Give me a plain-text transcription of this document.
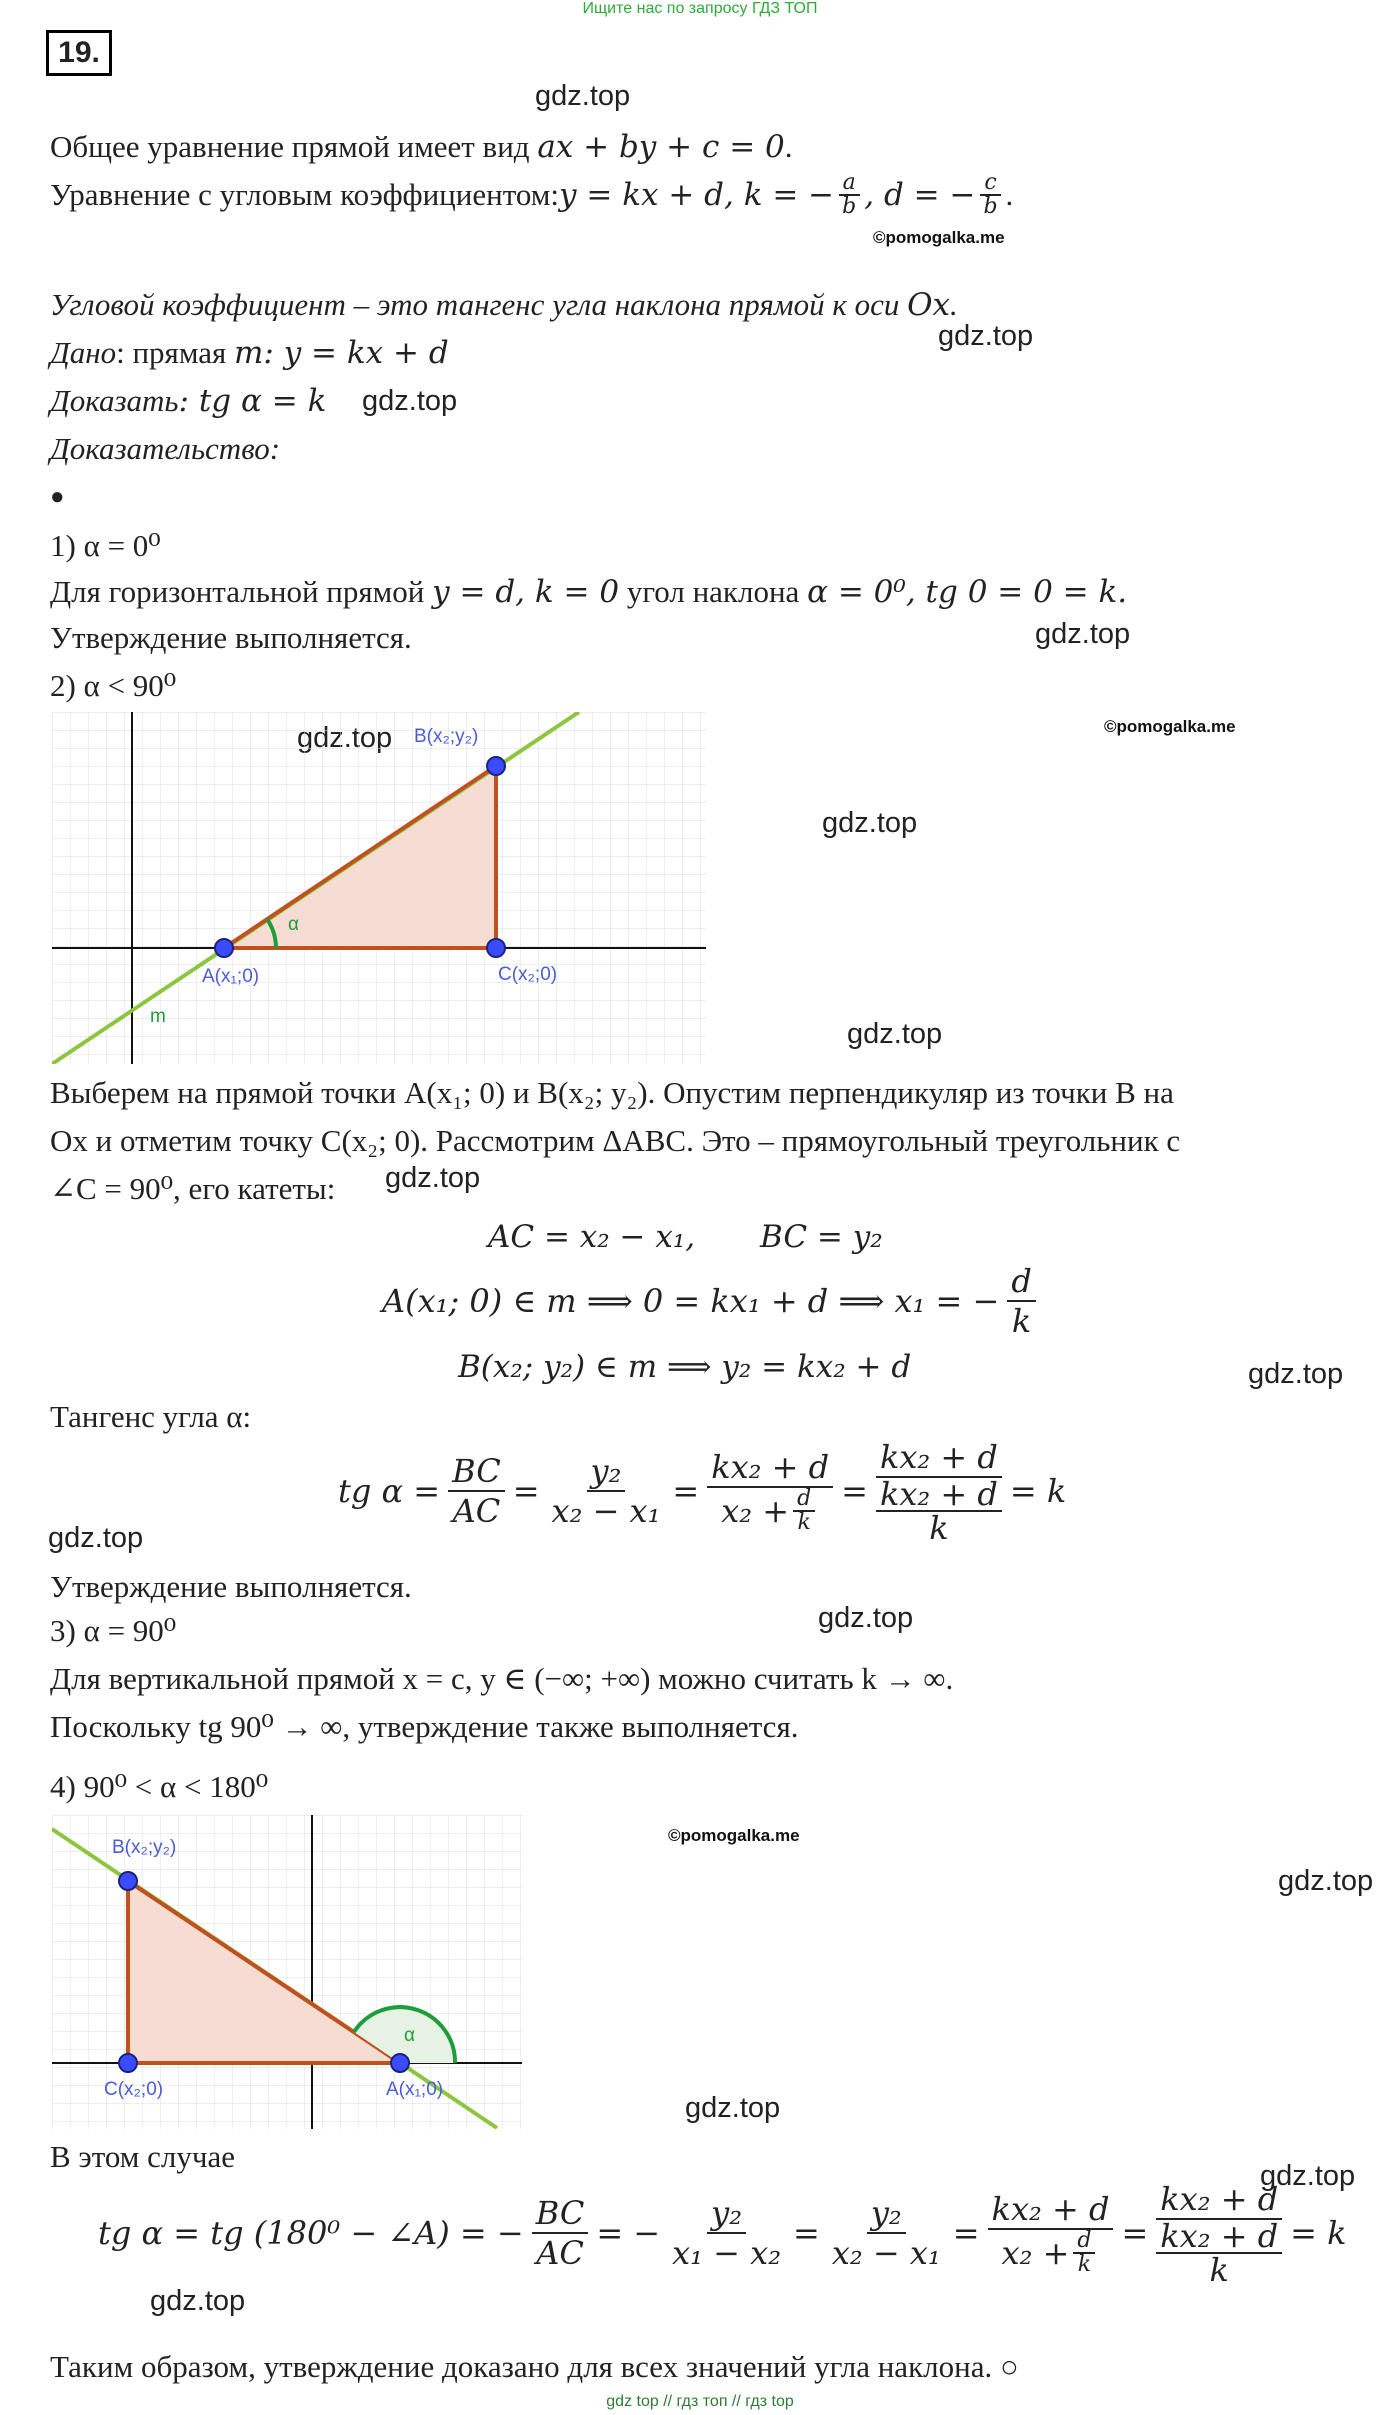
Ищите нас по запросу ГДЗ ТОП
19.
gdz.top
gdz.top
gdz.top
gdz.top
gdz.top
gdz.top
gdz.top
gdz.top
gdz.top
gdz.top
gdz.top
gdz.top
gdz.top
gdz.top
©pomogalka.me
©pomogalka.me
©pomogalka.me
Общее уравнение прямой имеет вид ax + by + c = 0.
Уравнение с угловым коэффициентом: y = kx + d, k = − $\frac{a}{b}$ , d = − $\frac{c}{b}$ .
Угловой коэффициент – это тангенс угла наклона прямой к оси Ox.
Дано: прямая m: y = kx + d
Доказать: tg α = k
Доказательство:
●
1) α = 0⁰
Для горизонтальной прямой y = d, k = 0 угол наклона α = 0⁰, tg 0 = 0 = k.
Утверждение выполняется.
2) α < 90⁰
B(x₂;y₂)
A(x₁;0)	C(x₂;0)
α
m
Выберем на прямой точки A(x₁; 0) и B(x₂; y₂). Опустим перпендикуляр из точки B на
Ox и отметим точку C(x₂; 0). Рассмотрим ΔABC. Это – прямоугольный треугольник с
∠C = 90⁰, его катеты:
AC = x₂ − x₁, BC = y₂
A(x₁; 0) ∈ m ⟹ 0 = kx₁ + d ⟹ x₁ = − $\frac{d}{k}$
B(x₂; y₂) ∈ m ⟹ y₂ = kx₂ + d
Тангенс угла α:
tg $\alpha = \frac{BC}{AC} = \frac{\text{y₂}}{\text{x₂ − x₁}} = \frac{\text{kx₂ + d}}{x_2 + \frac{d}{k}} = kx_2 + d$
kx₂ + d
k = k
Утверждение выполняется.
3) α = 90⁰
Для вертикальной прямой x = c, y ∈ (−∞; +∞) можно считать k → ∞.
Поскольку tg 90⁰ → ∞, утверждение также выполняется.
4) 90⁰ < α < 180⁰
B(x₂;y₂)
C(x₂;0)	A(x₁;0)
α
В этом случае
tg α = tg (180⁰ − ∠A) = − $\frac{BC}{AC}$ = − $\frac{\text{y₂}}{\text{x₁ − x₂}} = \frac{\text{y₂}}{\text{x₂ − x₁}} = \frac{\text{kx₂ + d}}{x_2 + \frac{d}{k}} = kx_2 + d$
kx₂ + d
k = k
Таким образом, утверждение доказано для всех значений угла наклона. ○
gdz top // гдз топ // гдз top
